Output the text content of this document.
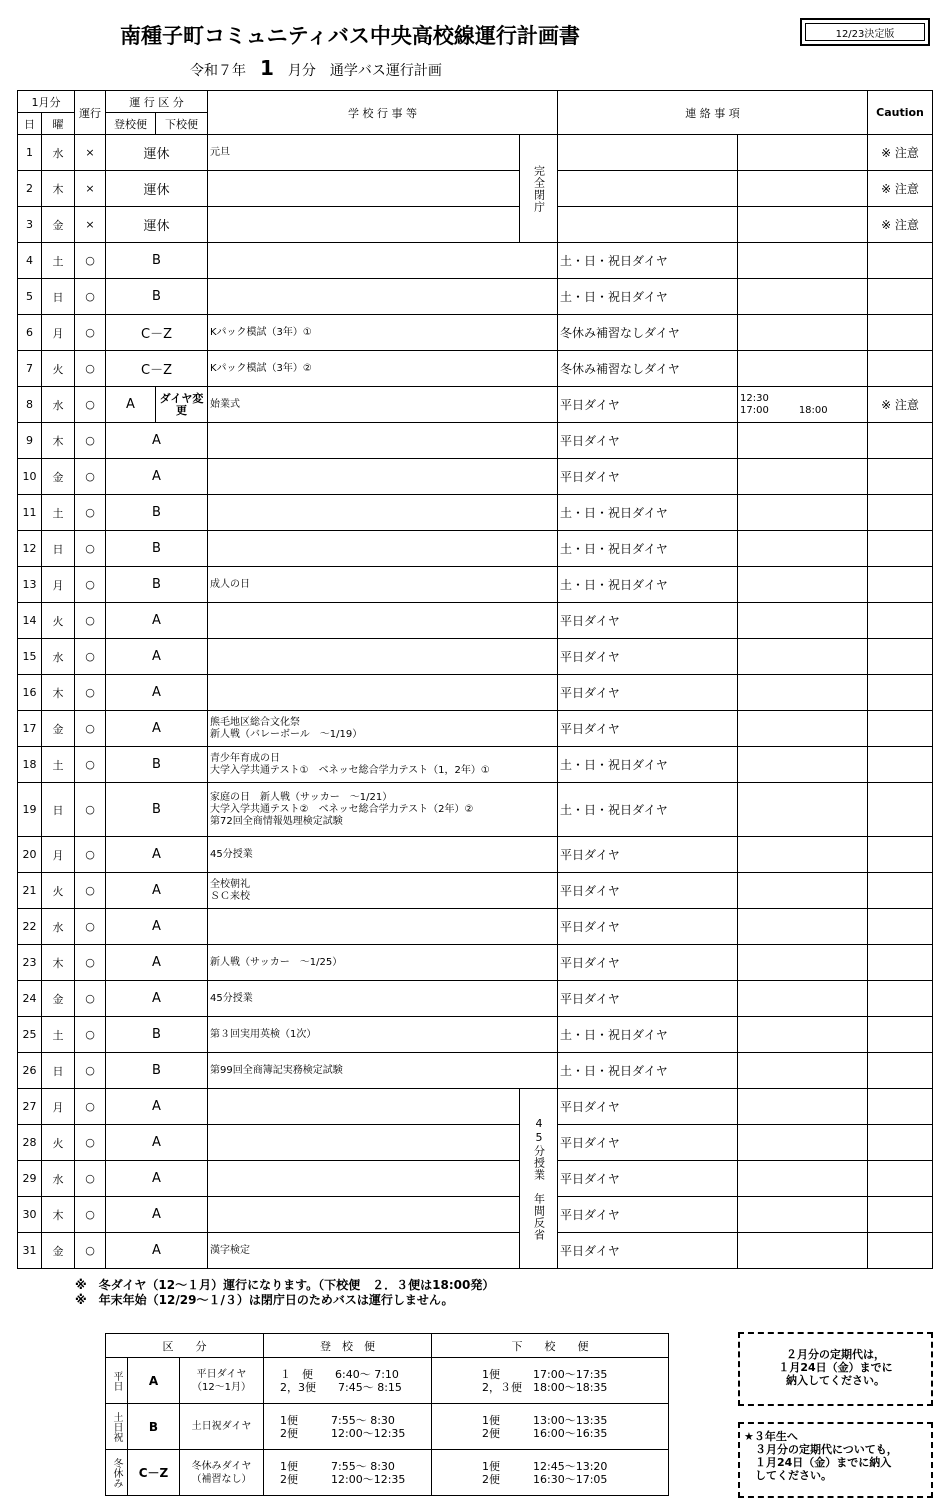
南種子町コミュニティバス中央高校線運行計画書	12/23決定版
令和７年 1 月分 通学バス運行計画
1月分		運行	運 行 区 分		学 校 行 事 等		連 絡 事 項		Caution
日	曜		登校便	下校便					
1	水	×	運休		元旦	完全閉庁			※ 注意
2	木	×	運休						※ 注意
3	金	×	運休						※ 注意
4	土	○	B				土・日・祝日ダイヤ	

5	日	○	B				土・日・祝日ダイヤ	

6	月	○	C－Z		Kパック模試（3年）①		冬休み補習なしダイヤ	

7	火	○	C－Z		Kパック模試（3年）②		冬休み補習なしダイヤ	

8	水	○	A	ダイヤ変更	始業式		平日ダイヤ	12:30
17:00　　　18:00	※ 注意
9	木	○	A				平日ダイヤ	

10	金	○	A				平日ダイヤ	

11	土	○	B				土・日・祝日ダイヤ	

12	日	○	B				土・日・祝日ダイヤ	

13	月	○	B		成人の日		土・日・祝日ダイヤ	

14	火	○	A				平日ダイヤ	

15	水	○	A				平日ダイヤ	

16	木	○	A				平日ダイヤ	

17	金	○	A		熊毛地区総合文化祭
新人戦（バレーボール　～1/19）		平日ダイヤ	

18	土	○	B		青少年育成の日
大学入学共通テスト①　ベネッセ総合学力テスト（1，2年）①		土・日・祝日ダイヤ	

19	日	○	B		家庭の日　新人戦（サッカー　～1/21）
大学入学共通テスト②　ベネッセ総合学力テスト（2年）②
第72回全商情報処理検定試験		土・日・祝日ダイヤ	

20	月	○	A		45分授業		平日ダイヤ	

21	火	○	A		全校朝礼
ＳＣ来校		平日ダイヤ	

22	水	○	A				平日ダイヤ	

23	木	○	A		新人戦（サッカー　～1/25）		平日ダイヤ	

24	金	○	A		45分授業		平日ダイヤ	

25	土	○	B		第３回実用英検（1次）		土・日・祝日ダイヤ	

26	日	○	B		第99回全商簿記実務検定試験		土・日・祝日ダイヤ	

27	月	○	A			45分授業　年間反省	平日ダイヤ	

28	火	○	A				平日ダイヤ	

29	水	○	A				平日ダイヤ	

30	木	○	A				平日ダイヤ	

31	金	○	A		漢字検定		平日ダイヤ	

※　冬ダイヤ（12～１月）運行になります。（下校便　２．３便は18:00発）
※　年末年始（12/29～１/３）は閉庁日のためバスは運行しません。
区　　分			登　校　便	下　　校　　便
平日	A	平日ダイヤ
（12～1月）	１　便　　6:40～ 7:10
2，3便　　7:45～ 8:15	1便　　　17:00～17:35
2，３便　18:00～18:35
土日祝	B	土日祝ダイヤ	1便　　　7:55～ 8:30
2便　　　12:00～12:35	1便　　　13:00～13:35
2便　　　16:00～16:35
冬休み	C－Z	冬休みダイヤ
（補習なし）	1便　　　7:55～ 8:30
2便　　　12:00～12:35	1便　　　12:45～13:20
2便　　　16:30～17:05
２月分の定期代は，
１月24日（金）までに
納入してください。
★３年生へ
　３月分の定期代についても，
　１月24日（金）までに納入
　してください。
